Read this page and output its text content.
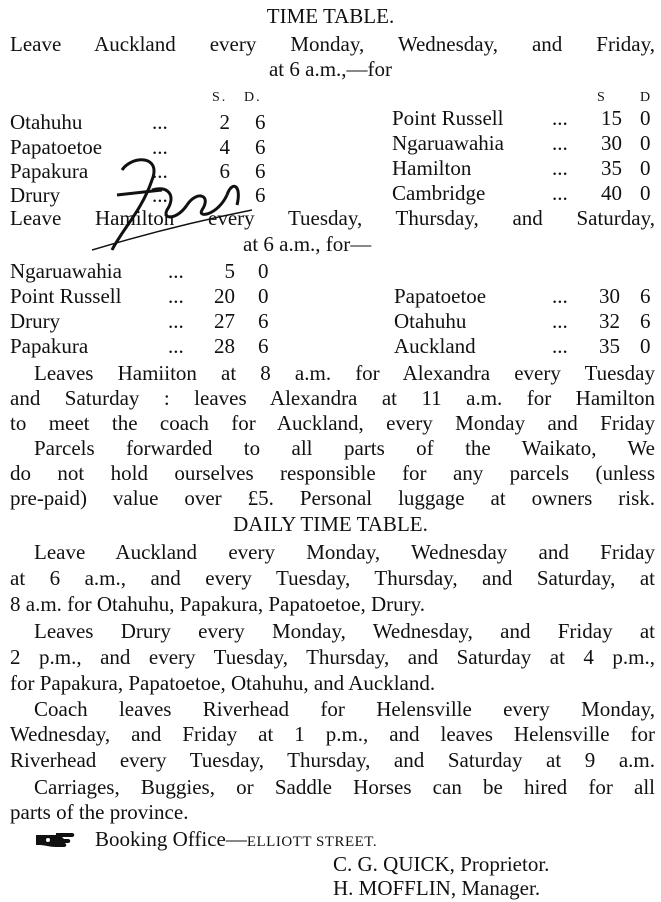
TIME TABLE.
Leave Auckland every Monday, Wednesday, and Friday,
at 6 a.m.,—for
S. D.	S D
Otahuhu	...	2 6
Papatoetoe ...	4 6
Papakura	...	6 6
Drury	...	6
Point Russell ...	15 0
Ngaruawahia ...	30 0
Hamilton	...	35 0
Cambridge	...	40 0
Leave Hamilton every Tuesday, Thursday, and Saturday,
at 6 a.m., for—
Ngaruawahia ...	5 0
Point Russell ...	20 0
Drury	...	27 6
Papakura	...	28 6
Papatoetoe	...	30 6
Otahuhu	...	32 6
Auckland	...	35 0
Leaves Hamiiton at 8 a.m. for Alexandra every Tuesday
and Saturday : leaves Alexandra at 11 a.m. for Hamilton
to meet the coach for Auckland, every Monday and Friday
Parcels forwarded to all parts of the Waikato, We
do not hold ourselves responsible for any parcels (unless
pre-paid) value over £5. Personal luggage at owners risk.
DAILY TIME TABLE.
Leave Auckland every Monday, Wednesday and Friday
at 6 a.m., and every Tuesday, Thursday, and Saturday, at
8 a.m. for Otahuhu, Papakura, Papatoetoe, Drury.
Leaves Drury every Monday, Wednesday, and Friday at
2 p.m., and every Tuesday, Thursday, and Saturday at 4 p.m.,
for Papakura, Papatoetoe, Otahuhu, and Auckland.
Coach leaves Riverhead for Helensville every Monday,
Wednesday, and Friday at 1 p.m., and leaves Helensville for
Riverhead every Tuesday, Thursday, and Saturday at 9 a.m.
Carriages, Buggies, or Saddle Horses can be hired for all
parts of the province.
Booking Office—ELLIOTT STREET.
C. G. QUICK, Proprietor.
H. MOFFLIN, Manager.
